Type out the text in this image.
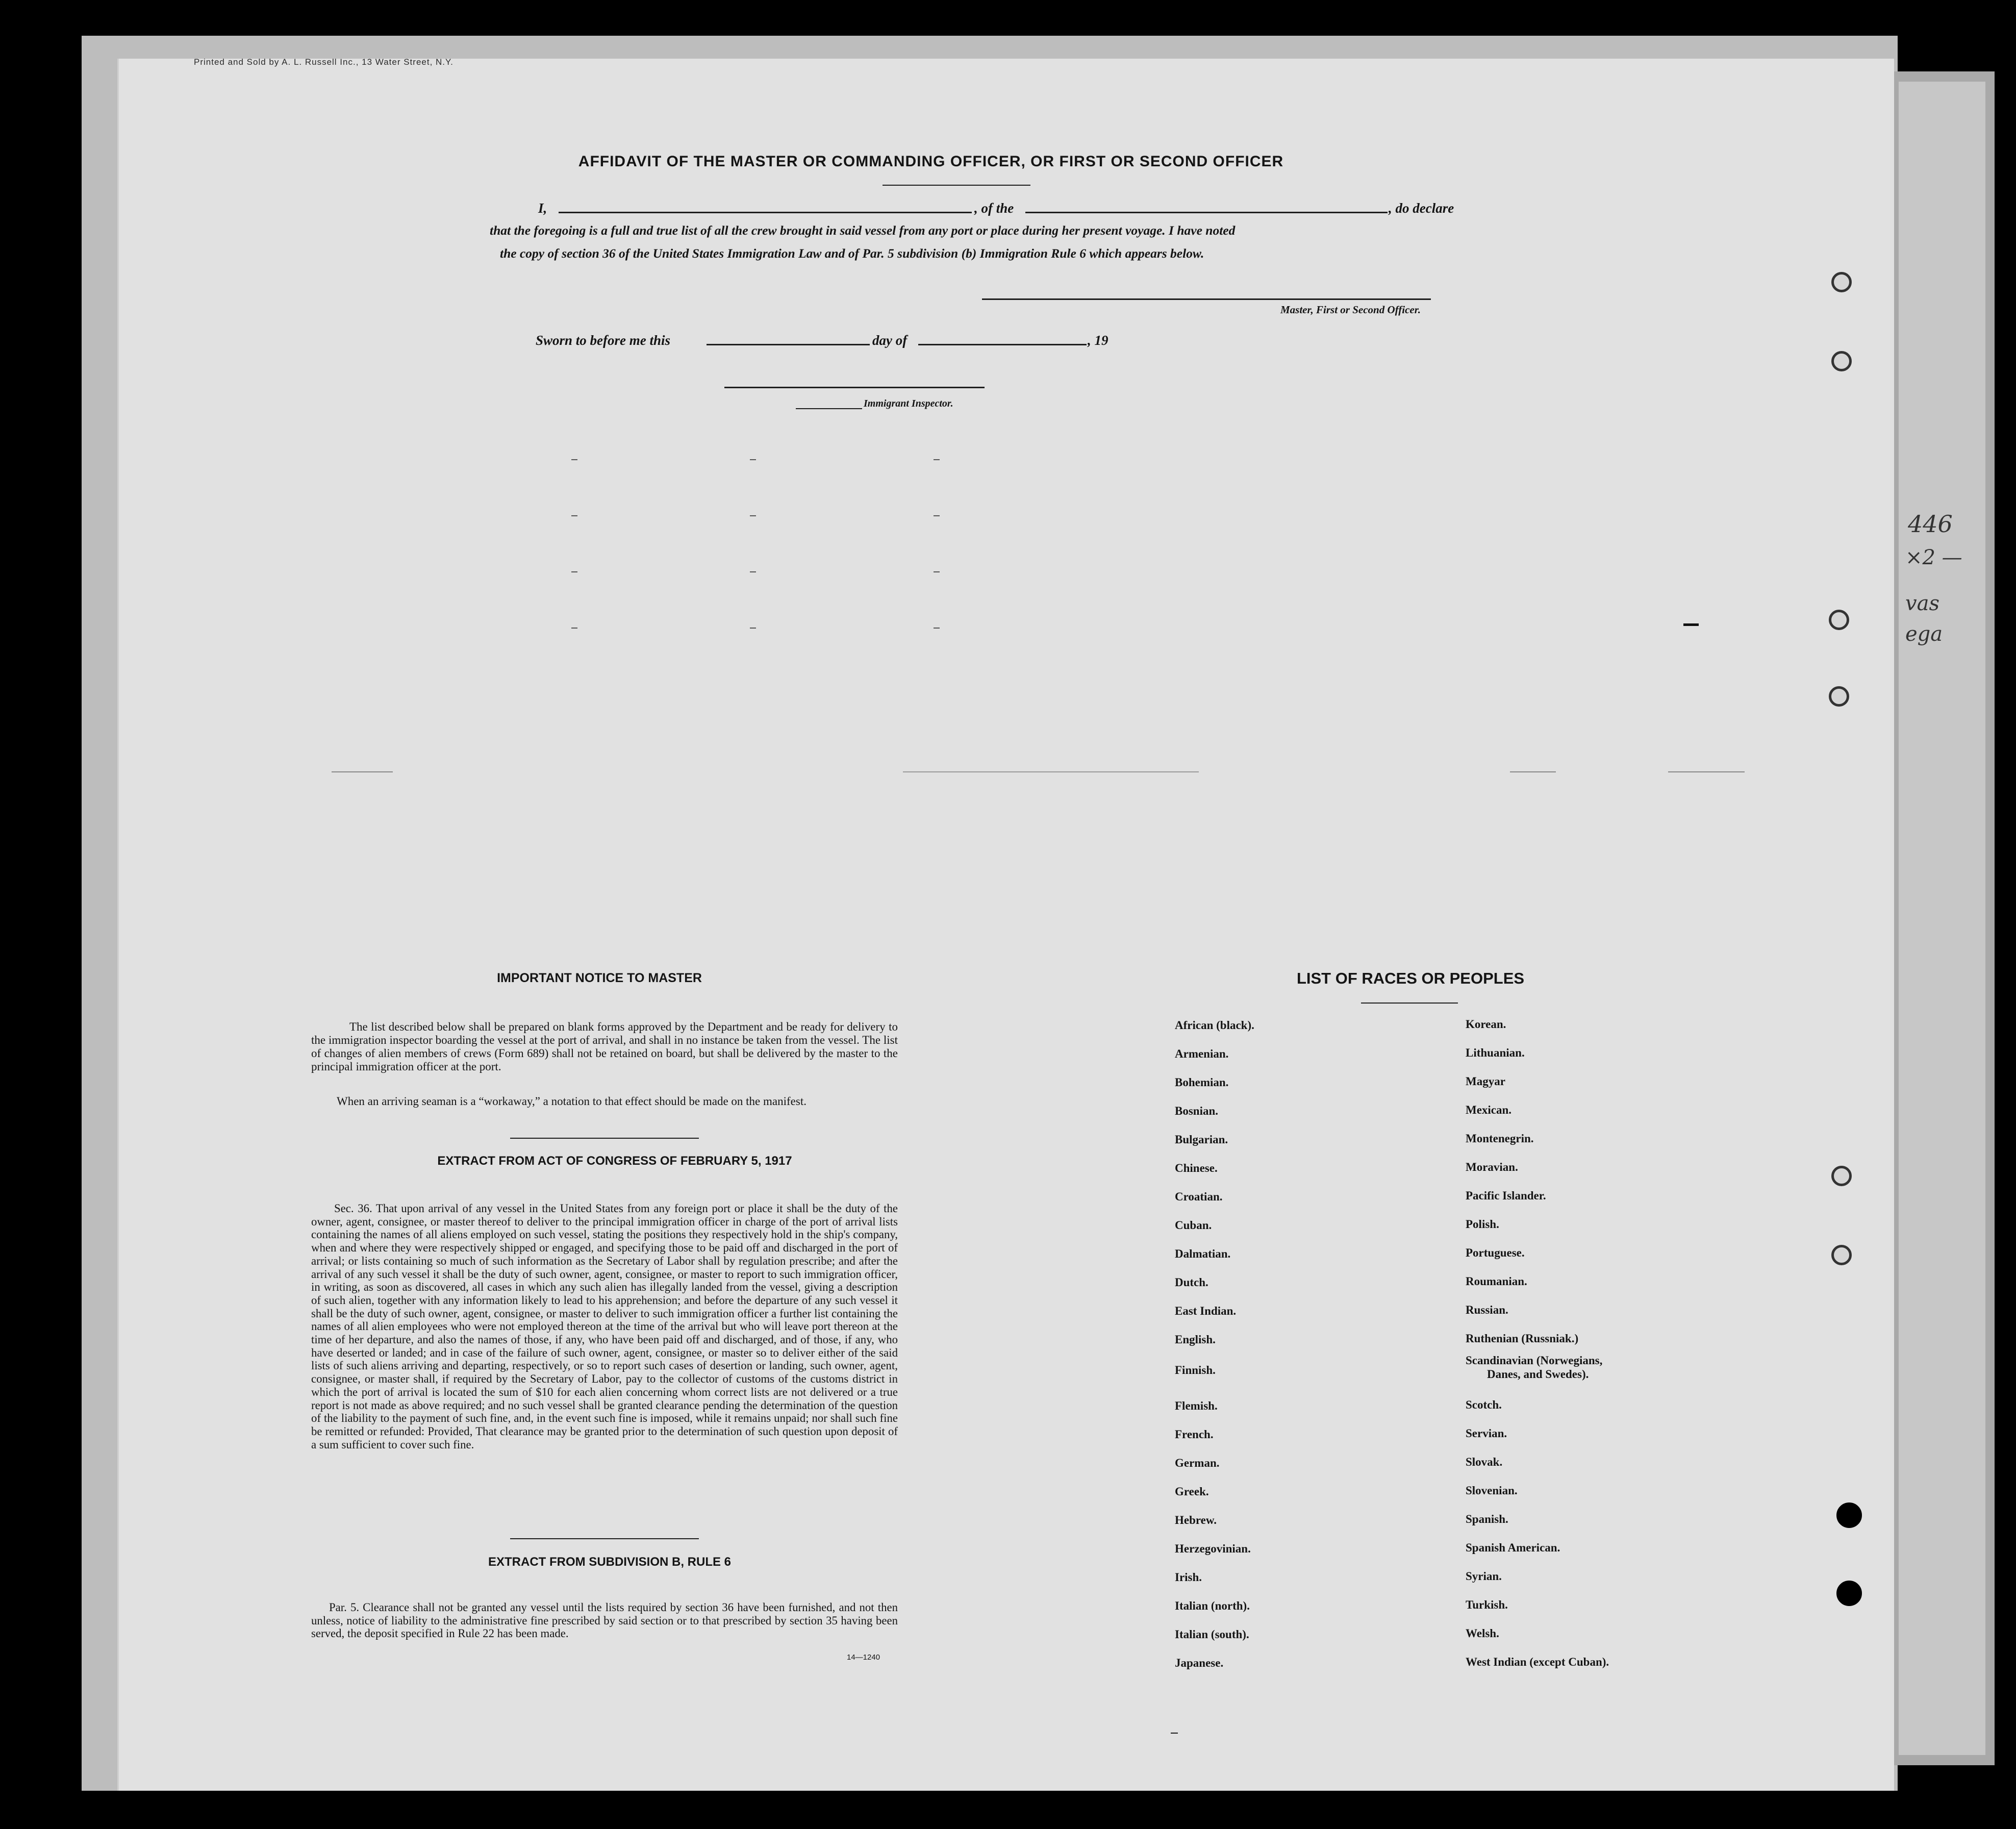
446
×2 —
vas
ega
Printed and Sold by A. L. Russell Inc., 13 Water Street, N.Y.
AFFIDAVIT OF THE MASTER OR COMMANDING OFFICER, OR FIRST OR SECOND OFFICER
I,	, of the	, do declare
that the foregoing is a full and true list of all the crew brought in said vessel from any port or place during her present voyage. I have noted
the copy of section 36 of the United States Immigration Law and of Par. 5 subdivision (b) Immigration Rule 6 which appears below.
Master, First or Second Officer.
Sworn to before me this	day of	, 19
Immigrant Inspector.
IMPORTANT NOTICE TO MASTER
The list described below shall be prepared on blank forms approved by the Department and be ready for delivery to the immigration inspector boarding the vessel at the port of arrival, and shall in no instance be taken from the vessel. The list of changes of alien members of crews (Form 689) shall not be retained on board, but shall be delivered by the master to the principal immigration officer at the port.
When an arriving seaman is a “workaway,” a notation to that effect should be made on the manifest.
EXTRACT FROM ACT OF CONGRESS OF FEBRUARY 5, 1917
Sec. 36. That upon arrival of any vessel in the United States from any foreign port or place it shall be the duty of the owner, agent, consignee, or master thereof to deliver to the principal immigration officer in charge of the port of arrival lists containing the names of all aliens employed on such vessel, stating the positions they respectively hold in the ship's company, when and where they were respectively shipped or engaged, and specifying those to be paid off and discharged in the port of arrival; or lists containing so much of such information as the Secretary of Labor shall by regulation prescribe; and after the arrival of any such vessel it shall be the duty of such owner, agent, consignee, or master to report to such immigration officer, in writing, as soon as discovered, all cases in which any such alien has illegally landed from the vessel, giving a description of such alien, together with any information likely to lead to his apprehension; and before the departure of any such vessel it shall be the duty of such owner, agent, consignee, or master to deliver to such immigration officer a further list containing the names of all alien employees who were not employed thereon at the time of the arrival but who will leave port thereon at the time of her departure, and also the names of those, if any, who have been paid off and discharged, and of those, if any, who have deserted or landed; and in case of the failure of such owner, agent, consignee, or master so to deliver either of the said lists of such aliens arriving and departing, respectively, or so to report such cases of desertion or landing, such owner, agent, consignee, or master shall, if required by the Secretary of Labor, pay to the collector of customs of the customs district in which the port of arrival is located the sum of $10 for each alien concerning whom correct lists are not delivered or a true report is not made as above required; and no such vessel shall be granted clearance pending the determination of the question of the liability to the payment of such fine, and, in the event such fine is imposed, while it remains unpaid; nor shall such fine be remitted or refunded: Provided, That clearance may be granted prior to the determination of such question upon deposit of a sum sufficient to cover such fine.
EXTRACT FROM SUBDIVISION B, RULE 6
Par. 5. Clearance shall not be granted any vessel until the lists required by section 36 have been furnished, and not then unless, notice of liability to the administrative fine prescribed by said section or to that prescribed by section 35 having been served, the deposit specified in Rule 22 has been made.
14—1240
LIST OF RACES OR PEOPLES
African (black).
Armenian.
Bohemian.
Bosnian.
Bulgarian.
Chinese.
Croatian.
Cuban.
Dalmatian.
Dutch.
East Indian.
English.
Finnish.
Flemish.
French.
German.
Greek.
Hebrew.
Herzegovinian.
Irish.
Italian (north).
Italian (south).
Japanese.
Korean.
Lithuanian.
Magyar
Mexican.
Montenegrin.
Moravian.
Pacific Islander.
Polish.
Portuguese.
Roumanian.
Russian.
Ruthenian (Russniak.)
Scandinavian (Norwegians,
Danes, and Swedes).
Scotch.
Servian.
Slovak.
Slovenian.
Spanish.
Spanish American.
Syrian.
Turkish.
Welsh.
West Indian (except Cuban).
